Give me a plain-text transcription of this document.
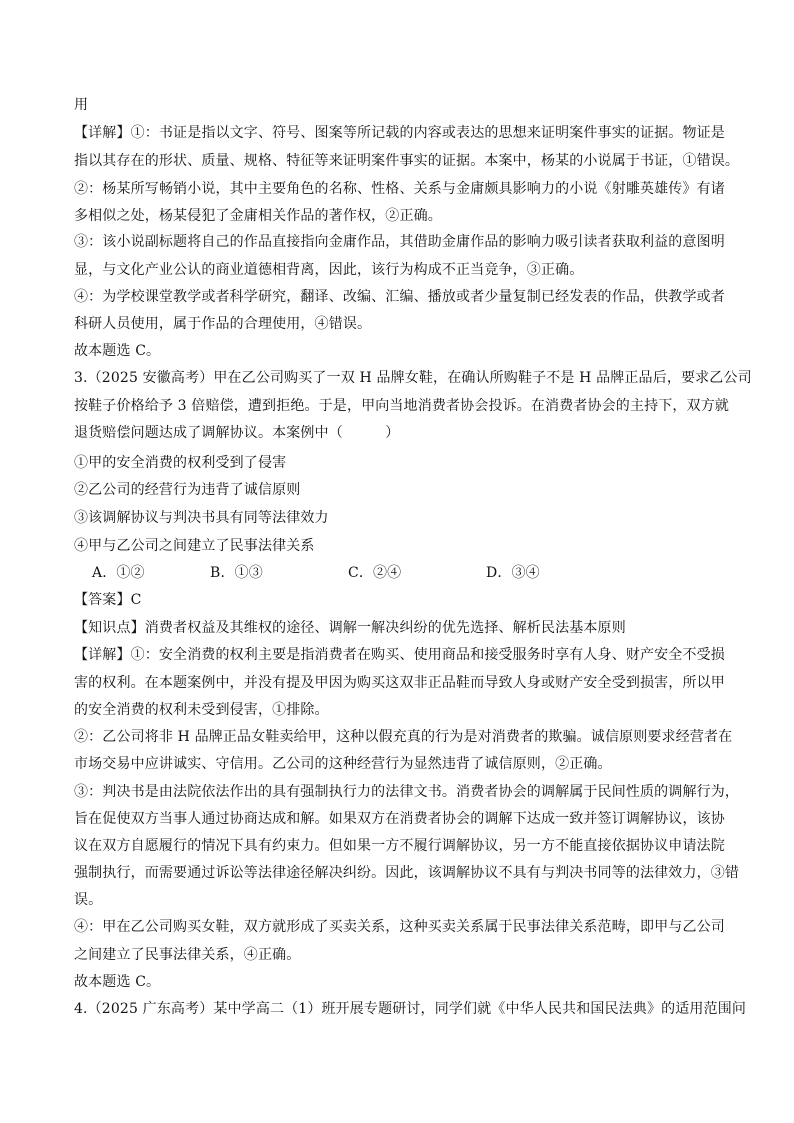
用
【详解】①：书证是指以文字、符号、图案等所记载的内容或表达的思想来证明案件事实的证据。物证是
指以其存在的形状、质量、规格、特征等来证明案件事实的证据。本案中，杨某的小说属于书证，①错误。
②：杨某所写畅销小说，其中主要角色的名称、性格、关系与金庸颇具影响力的小说《射雕英雄传》有诸
多相似之处，杨某侵犯了金庸相关作品的著作权，②正确。
③：该小说副标题将自己的作品直接指向金庸作品，其借助金庸作品的影响力吸引读者获取利益的意图明
显，与文化产业公认的商业道德相背离，因此，该行为构成不正当竞争，③正确。
④：为学校课堂教学或者科学研究，翻译、改编、汇编、播放或者少量复制已经发表的作品，供教学或者
科研人员使用，属于作品的合理使用，④错误。
故本题选 C。
3.（2025 安徽高考）甲在乙公司购买了一双 H 品牌女鞋，在确认所购鞋子不是 H 品牌正品后，要求乙公司
按鞋子价格给予 3 倍赔偿，遭到拒绝。于是，甲向当地消费者协会投诉。在消费者协会的主持下，双方就
退货赔偿问题达成了调解协议。本案例中（　　　）
①甲的安全消费的权利受到了侵害
②乙公司的经营行为违背了诚信原则
③该调解协议与判决书具有同等法律效力
④甲与乙公司之间建立了民事法律关系
A．①②	B．①③	C．②④	D．③④
【答案】C
【知识点】消费者权益及其维权的途径、调解一解决纠纷的优先选择、解析民法基本原则
【详解】①：安全消费的权利主要是指消费者在购买、使用商品和接受服务时享有人身、财产安全不受损
害的权利。在本题案例中，并没有提及甲因为购买这双非正品鞋而导致人身或财产安全受到损害，所以甲
的安全消费的权利未受到侵害，①排除。
②：乙公司将非 H 品牌正品女鞋卖给甲，这种以假充真的行为是对消费者的欺骗。诚信原则要求经营者在
市场交易中应讲诚实、守信用。乙公司的这种经营行为显然违背了诚信原则，②正确。
③：判决书是由法院依法作出的具有强制执行力的法律文书。消费者协会的调解属于民间性质的调解行为，
旨在促使双方当事人通过协商达成和解。如果双方在消费者协会的调解下达成一致并签订调解协议，该协
议在双方自愿履行的情况下具有约束力。但如果一方不履行调解协议，另一方不能直接依据协议申请法院
强制执行，而需要通过诉讼等法律途径解决纠纷。因此，该调解协议不具有与判决书同等的法律效力，③错
误。
④：甲在乙公司购买女鞋，双方就形成了买卖关系，这种买卖关系属于民事法律关系范畴，即甲与乙公司
之间建立了民事法律关系，④正确。
故本题选 C。
4.（2025 广东高考）某中学高二（1）班开展专题研讨，同学们就《中华人民共和国民法典》的适用范围问
